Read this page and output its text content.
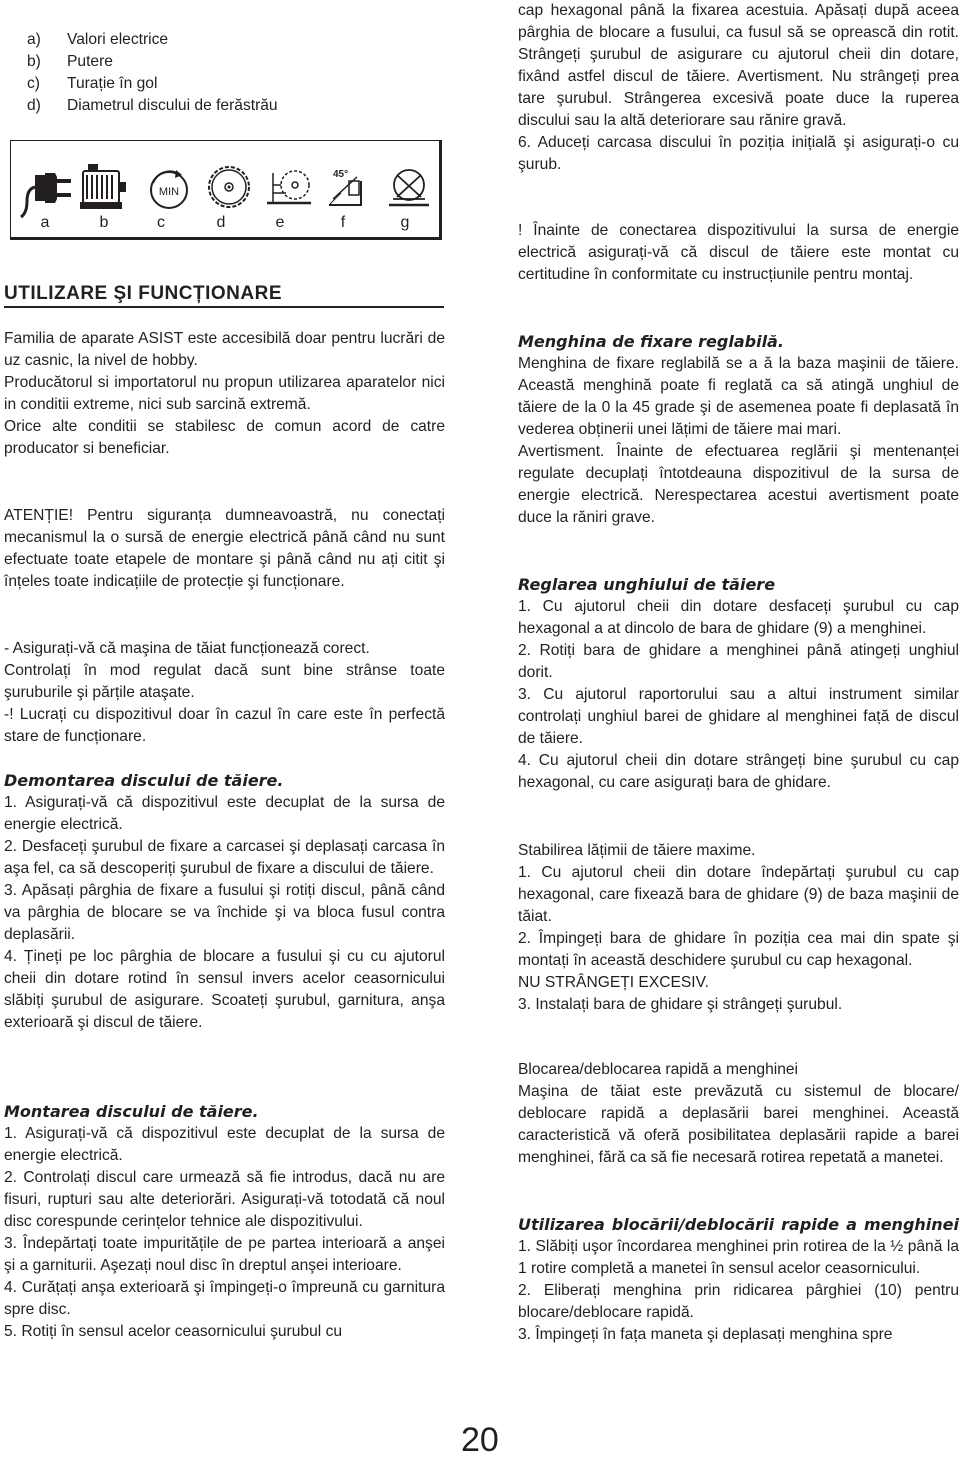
a)	Valori electrice
b)	Putere
c)	Turație în gol
d)	Diametrul discului de ferăstrău
MIN
45°
a	b	c	d	e	f	g
UTILIZARE ŞI FUNCȚIONARE

Familia de aparate ASIST este accesibilă doar pentru lucrări de uz casnic, la nivel de hobby.

Producătorul si importatorul nu propun utilizarea aparatelor nici in conditii extreme, nici sub sarcină extremă.

Orice alte conditii se stabilesc de comun acord de catre producator si beneficiar.

ATENȚIE! Pentru siguranța dumneavoastră, nu conectați mecanismul la o sursă de energie electrică până când nu sunt efectuate toate etapele de montare şi până când nu ați citit şi înțeles toate indicațiile de protecție şi funcționare.

- Asigurați-vă că maşina de tăiat funcționează corect.

Controlați în mod regulat dacă sunt bine strânse toate şuruburile şi părțile ataşate.

-! Lucrați cu dispozitivul doar în cazul în care este în perfectă stare de funcționare.

Demontarea discului de tăiere.

1. Asigurați-vă că dispozitivul este decuplat de la sursa de energie electrică.

2. Desfaceți şurubul de fixare a carcasei şi deplasați carcasa în aşa fel, ca să descoperiți şurubul de fixare a discului de tăiere.

3. Apăsați pârghia de fixare a fusului şi rotiți discul, până când va pârghia de blocare se va închide şi va bloca fusul contra deplasării.

4. Țineți pe loc pârghia de blocare a fusului şi cu cu ajutorul cheii din dotare rotind în sensul invers acelor ceasornicului slăbiți şurubul de asigurare. Scoateți şurubul, garnitura, anşa exterioară şi discul de tăiere.

Montarea discului de tăiere.

1. Asigurați-vă că dispozitivul este decuplat de la sursa de energie electrică.

2. Controlați discul care urmează să fie introdus, dacă nu are fisuri, rupturi sau alte deteriorări. Asigurați-vă totodată că noul disc corespunde cerințelor tehnice ale dispozitivului.

3. Îndepărtați toate impuritățile de pe partea interioară a anşei şi a garniturii. Aşezați noul disc în dreptul anşei interioare.

4. Curățați anşa exterioară şi împingeți-o împreună cu garnitura spre disc.

5. Rotiți în sensul acelor ceasornicului şurubul cu

cap hexagonal până la fixarea acestuia. Apăsați după aceea pârghia de blocare a fusului, ca fusul să se oprească din rotit. Strângeți şurubul de asigurare cu ajutorul cheii din dotare, fixând astfel discul de tăiere. Avertisment. Nu strângeți prea tare şurubul. Strângerea excesivă poate duce la ruperea discului sau la altă deteriorare sau rănire gravă.

6. Aduceți carcasa discului în poziția inițială şi asigurați-o cu şurub.

! Înainte de conectarea dispozitivului la sursa de energie electrică asigurați-vă că discul de tăiere este montat cu certitudine în conformitate cu instrucțiunile pentru montaj.

Menghina de fixare reglabilă.

Menghina de fixare reglabilă se a ă la baza maşinii de tăiere. Această menghină poate fi reglată ca să atingă unghiul de tăiere de la 0 la 45 grade şi de asemenea poate fi deplasată în vederea obținerii unei lățimi de tăiere mai mari.

Avertisment. Înainte de efectuarea reglării şi mentenanței regulate decuplați întotdeauna dispozitivul de la sursa de energie electrică. Nerespectarea acestui avertisment poate duce la răniri grave.

Reglarea unghiului de tăiere

1. Cu ajutorul cheii din dotare desfaceți şurubul cu cap hexagonal a at dincolo de bara de ghidare (9) a menghinei.

2. Rotiți bara de ghidare a menghinei până atingeți unghiul dorit.

3. Cu ajutorul raportorului sau a altui instrument similar controlați unghiul barei de ghidare al menghinei față de discul de tăiere.

4. Cu ajutorul cheii din dotare strângeți bine şurubul cu cap hexagonal, cu care asigurați bara de ghidare.

Stabilirea lățimii de tăiere maxime.

1. Cu ajutorul cheii din dotare îndepărtați şurubul cu cap hexagonal, care fixează bara de ghidare (9) de baza maşinii de tăiat.

2. Împingeți bara de ghidare în poziția cea mai din spate şi montați în această deschidere şurubul cu cap hexagonal.

NU STRÂNGEȚI EXCESIV.

3. Instalați bara de ghidare şi strângeți şurubul.

Blocarea/deblocarea rapidă a menghinei

Maşina de tăiat este prevăzută cu sistemul de blocare/ deblocare rapidă a deplasării barei menghinei. Această caracteristică vă oferă posibilitatea deplasării rapide a barei menghinei, fără ca să fie necesară rotirea repetată a manetei.

Utilizarea blocării/deblocării rapide a menghinei

1. Slăbiți uşor încordarea menghinei prin rotirea de la ½ până la 1 rotire completă a manetei în sensul acelor ceasornicului.

2. Eliberați menghina prin ridicarea pârghiei (10) pentru blocare/deblocare rapidă.

3. Împingeți în fața maneta şi deplasați menghina spre

20
